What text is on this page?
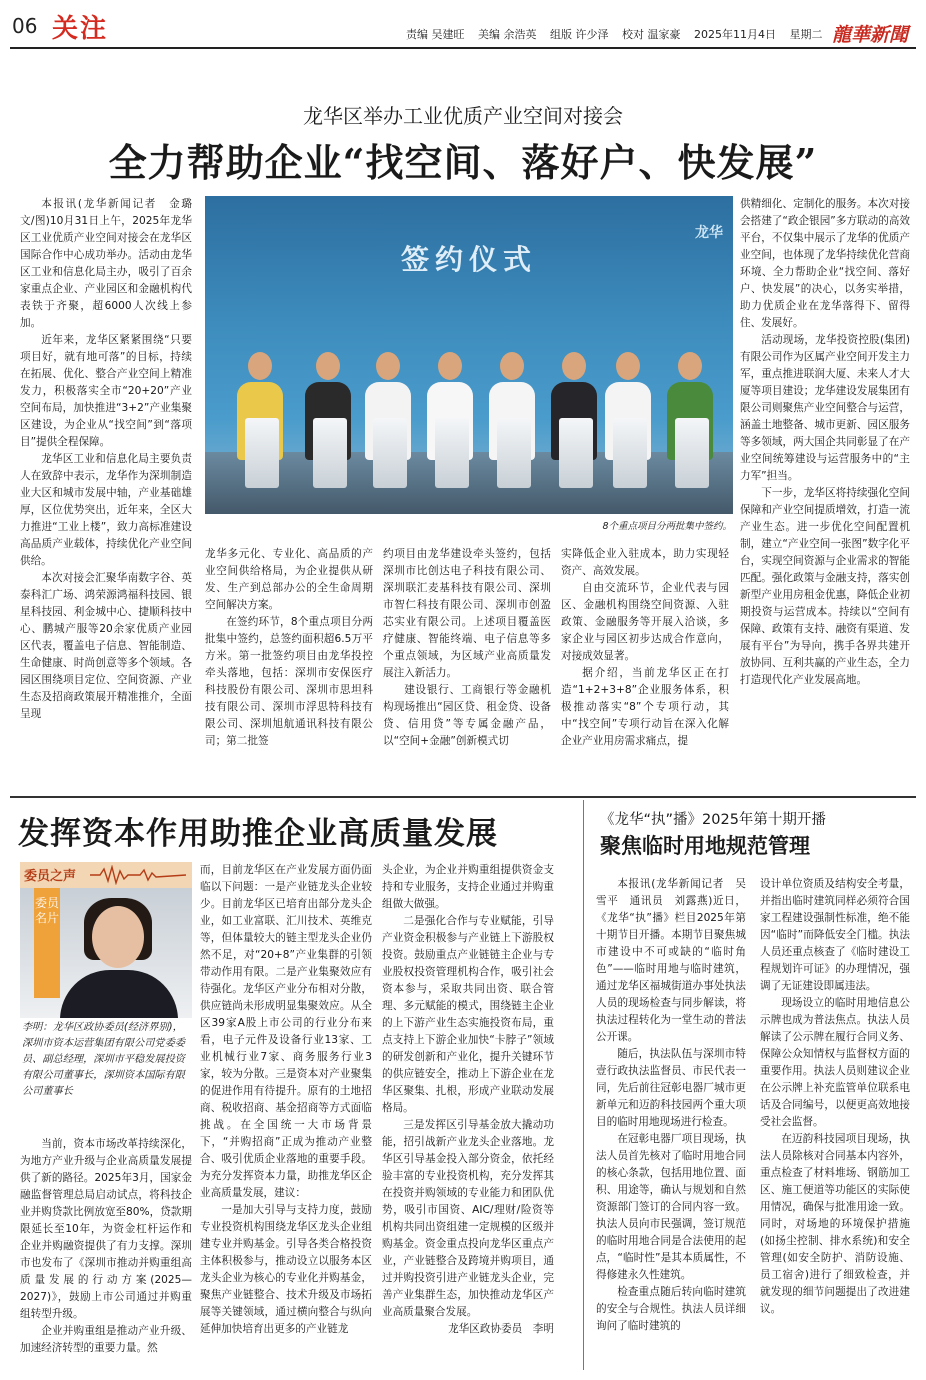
06 关注	责编 吴建旺 美编 余浩英 组版 许少泽 校对 温家豪 2025年11月4日 星期二 龍華新聞
龙华区举办工业优质产业空间对接会
全力帮助企业“找空间、落好户、快发展”

本报讯(龙华新闻记者　金璐　文/图)10月31日上午，2025年龙华区工业优质产业空间对接会在龙华区国际合作中心成功举办。活动由龙华区工业和信息化局主办，吸引了百余家重点企业、产业园区和金融机构代表铁于齐聚，超6000人次线上参加。

近年来，龙华区紧紧围绕“只要项目好，就有地可落”的目标，持续在拓展、优化、整合产业空间上精准发力，积极落实全市“20+20”产业空间布局，加快推进“3+2”产业集聚区建设，为企业从“找空间”到“落项目”提供全程保障。

龙华区工业和信息化局主要负责人在致辞中表示，龙华作为深圳制造业大区和城市发展中轴，产业基础雄厚，区位优势突出，近年来，全区大力推进“工业上楼”，致力高标准建设高品质产业载体，持续优化产业空间供给。

本次对接会汇聚华南数字谷、英泰科汇广场、鸿荣源鸿福科技园、银星科技园、利金城中心、捷顺科技中心、鹏城产服等20余家优质产业园区代表，覆盖电子信息、智能制造、生命健康、时尚创意等多个领域。各园区围绕项目定位、空间资源、产业生态及招商政策展开精准推介，全面呈现

签约仪式
龙华
8个重点项目分两批集中签约。

龙华多元化、专业化、高品质的产业空间供给格局，为企业提供从研发、生产到总部办公的全生命周期空间解决方案。

在签约环节，8个重点项目分两批集中签约，总签约面积超6.5万平方米。第一批签约项目由龙华投控牵头落地，包括：深圳市安保医疗科技股份有限公司、深圳市思坦科技有限公司、深圳市浮思特科技有限公司、深圳旭航通讯科技有限公司；第二批签

约项目由龙华建设牵头签约，包括深圳市比创达电子科技有限公司、深圳联汇麦基科技有限公司、深圳市智仁科技有限公司、深圳市创盈芯实业有限公司。上述项目覆盖医疗健康、智能终端、电子信息等多个重点领域，为区域产业高质量发展注入新活力。

建设银行、工商银行等金融机构现场推出“园区贷、租金贷、设备贷、信用贷”等专属金融产品，以“空间+金融”创新模式切

实降低企业入驻成本，助力实现轻资产、高效发展。

自由交流环节，企业代表与园区、金融机构围绕空间资源、入驻政策、金融服务等开展入洽谈，多家企业与园区初步达成合作意向，对接成效显著。

据介绍，当前龙华区正在打造“1+2+3+8”企业服务体系，积极推动落实“8”个专项行动，其中“找空间”专项行动旨在深入化解企业产业用房需求痛点，提

供精细化、定制化的服务。本次对接会搭建了“政企银园”多方联动的高效平台，不仅集中展示了龙华的优质产业空间，也体现了龙华持续优化营商环境、全力帮助企业“找空间、落好户、快发展”的决心，以务实举措，助力优质企业在龙华落得下、留得住、发展好。

活动现场，龙华投资控股(集团)有限公司作为区属产业空间开发主力军，重点推进联润大厦、未来人才大厦等项目建设；龙华建设发展集团有限公司则聚焦产业空间整合与运营，涵盖土地整备、城市更新、园区服务等多领域，两大国企共同彰显了在产业空间统筹建设与运营服务中的“主力军”担当。

下一步，龙华区将持续强化空间保障和产业空间提质增效，打造一流产业生态。进一步优化空间配置机制，建立“产业空间一张图”数字化平台，实现空间资源与企业需求的智能匹配。强化政策与金融支持，落实创新型产业用房租金优惠，降低企业初期投资与运营成本。持续以“空间有保障、政策有支持、融资有渠道、发展有平台”为导向，携手各界共建开放协同、互利共赢的产业生态，全力打造现代化产业发展高地。

发挥资本作用助推企业高质量发展
委员之声
委员名片
李明：龙华区政协委员(经济界别)，深圳市资本运营集团有限公司党委委员、副总经理，深圳市平稳发展投资有限公司董事长，深圳资本国际有限公司董事长

当前，资本市场改革持续深化，为地方产业升级与企业高质量发展提供了新的路径。2025年3月，国家金融监督管理总局启动试点，将科技企业并购贷款比例放宽至80%，贷款期限延长至10年，为资金杠杆运作和企业并购融资提供了有力支撑。深圳市也发布了《深圳市推动并购重组高质量发展的行动方案(2025—2027)》，鼓励上市公司通过并购重组转型升级。

企业并购重组是推动产业升级、加速经济转型的重要力量。然

而，目前龙华区在产业发展方面仍面临以下问题：一是产业链龙头企业较少。目前龙华区已培育出部分龙头企业，如工业富联、汇川技术、英维克等，但体量较大的链主型龙头企业仍然不足，对“20+8”产业集群的引领带动作用有限。二是产业集聚效应有待强化。龙华区产业分布相对分散，供应链尚未形成明显集聚效应。从全区39家A股上市公司的行业分布来看，电子元件及设备行业13家、工业机械行业7家、商务服务行业3家，较为分散。三是资本对产业聚集的促进作用有待提升。原有的土地招商、税收招商、基金招商等方式面临挑战。在全国统一大市场背景下，“并购招商”正成为推动产业整合、吸引优质企业落地的重要手段。为充分发挥资本力量，助推龙华区企业高质量发展，建议：

一是加大引导与支持力度，鼓励专业投资机构围绕龙华区龙头企业组建专业并购基金。引导各类合格投资主体积极参与，推动设立以服务本区龙头企业为核心的专业化并购基金，聚焦产业链整合、技术升级及市场拓展等关键领域，通过横向整合与纵向延伸加快培育出更多的产业链龙

头企业，为企业并购重组提供资金支持和专业服务，支持企业通过并购重组做大做强。

二是强化合作与专业赋能，引导产业资金积极参与产业链上下游股权投资。鼓励重点产业链链主企业与专业股权投资管理机构合作，吸引社会资本参与，采取共同出资、联合管理、多元赋能的模式，围绕链主企业的上下游产业生态实施投资布局，重点支持上下游企业加快“卡脖子”领域的研发创新和产业化，提升关键环节的供应链安全，推动上下游企业在龙华区聚集、扎根，形成产业联动发展格局。

三是发挥区引导基金放大撬动功能，招引战新产业龙头企业落地。龙华区引导基金投入部分资金，依托经验丰富的专业投资机构，充分发挥其在投资并购领域的专业能力和团队优势，吸引市国资、AIC/理财/险资等机构共同出资组建一定规模的区级并购基金。资金重点投向龙华区重点产业，产业链整合及跨境并购项目，通过并购投资引进产业链龙头企业，完善产业集群生态，加快推动龙华区产业高质量聚合发展。

龙华区政协委员　李明

《龙华“执”播》2025年第十期开播
聚焦临时用地规范管理

本报讯(龙华新闻记者　吴雪平　通讯员　刘露燕)近日，《龙华“执”播》栏目2025年第十期节目开播。本期节目聚焦城市建设中不可或缺的“临时角色”——临时用地与临时建筑，通过龙华区福城街道办事处执法人员的现场检查与同步解读，将执法过程转化为一堂生动的普法公开课。

随后，执法队伍与深圳市特壹行政执法监督员、市民代表一同，先后前往冠彰电器厂城市更新单元和迈韵科技园两个重大项目的临时用地现场进行检查。

在冠彰电器厂项目现场，执法人员首先核对了临时用地合同的核心条款，包括用地位置、面积、用途等，确认与规划和自然资源部门签订的合同内容一致。执法人员向市民强调，签订规范的临时用地合同是合法使用的起点，“临时性”是其本质属性，不得修建永久性建筑。

检查重点随后转向临时建筑的安全与合规性。执法人员详细询问了临时建筑的

设计单位资质及结构安全考量，并指出临时建筑同样必须符合国家工程建设强制性标准，绝不能因“临时”而降低安全门槛。执法人员还重点核查了《临时建设工程规划许可证》的办理情况，强调了无证建设即属违法。

现场设立的临时用地信息公示牌也成为普法焦点。执法人员解读了公示牌在履行合同义务、保障公众知情权与监督权方面的重要作用。执法人员则建议企业在公示牌上补充监管单位联系电话及合同编号，以便更高效地接受社会监督。

在迈韵科技园项目现场，执法人员除核对合同基本内容外，重点检查了材料堆场、钢筋加工区、施工便道等功能区的实际使用情况，确保与批准用途一致。同时，对场地的环境保护措施(如扬尘控制、排水系统)和安全管理(如安全防护、消防设施、员工宿舍)进行了细致检查，并就发现的细节问题提出了改进建议。
